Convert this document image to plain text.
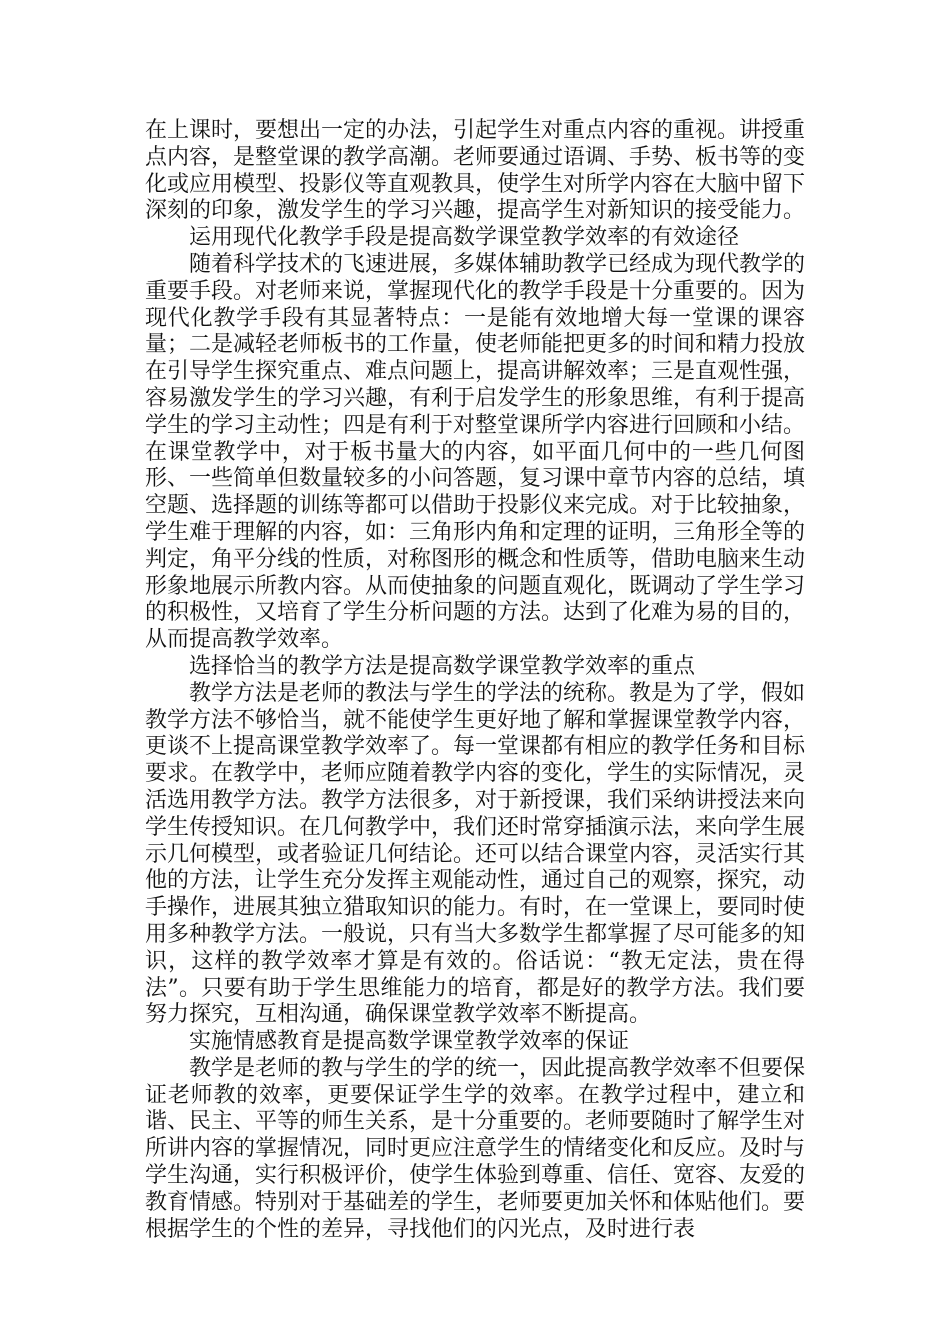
在上课时，要想出一定的办法，引起学生对重点内容的重视。讲授重点内容，是整堂课的教学高潮。老师要通过语调、手势、板书等的变化或应用模型、投影仪等直观教具，使学生对所学内容在大脑中留下深刻的印象，激发学生的学习兴趣，提高学生对新知识的接受能力。

运用现代化教学手段是提高数学课堂教学效率的有效途径

随着科学技术的飞速进展，多媒体辅助教学已经成为现代教学的重要手段。对老师来说，掌握现代化的教学手段是十分重要的。因为现代化教学手段有其显著特点：一是能有效地增大每一堂课的课容量；二是减轻老师板书的工作量，使老师能把更多的时间和精力投放在引导学生探究重点、难点问题上，提高讲解效率；三是直观性强，容易激发学生的学习兴趣，有利于启发学生的形象思维，有利于提高学生的学习主动性；四是有利于对整堂课所学内容进行回顾和小结。在课堂教学中，对于板书量大的内容，如平面几何中的一些几何图形、一些简单但数量较多的小问答题，复习课中章节内容的总结，填空题、选择题的训练等都可以借助于投影仪来完成。对于比较抽象，学生难于理解的内容，如：三角形内角和定理的证明，三角形全等的判定，角平分线的性质，对称图形的概念和性质等，借助电脑来生动形象地展示所教内容。从而使抽象的问题直观化，既调动了学生学习的积极性，又培育了学生分析问题的方法。达到了化难为易的目的，从而提高教学效率。

选择恰当的教学方法是提高数学课堂教学效率的重点

教学方法是老师的教法与学生的学法的统称。教是为了学，假如教学方法不够恰当，就不能使学生更好地了解和掌握课堂教学内容，更谈不上提高课堂教学效率了。每一堂课都有相应的教学任务和目标要求。在教学中，老师应随着教学内容的变化，学生的实际情况，灵活选用教学方法。教学方法很多，对于新授课，我们采纳讲授法来向学生传授知识。在几何教学中，我们还时常穿插演示法，来向学生展示几何模型，或者验证几何结论。还可以结合课堂内容，灵活实行其他的方法，让学生充分发挥主观能动性，通过自己的观察，探究，动手操作，进展其独立猎取知识的能力。有时，在一堂课上，要同时使用多种教学方法。一般说，只有当大多数学生都掌握了尽可能多的知识，这样的教学效率才算是有效的。俗话说：“教无定法，贵在得法”。只要有助于学生思维能力的培育，都是好的教学方法。我们要努力探究，互相沟通，确保课堂教学效率不断提高。

实施情感教育是提高数学课堂教学效率的保证

教学是老师的教与学生的学的统一，因此提高教学效率不但要保证老师教的效率，更要保证学生学的效率。在教学过程中，建立和谐、民主、平等的师生关系，是十分重要的。老师要随时了解学生对所讲内容的掌握情况，同时更应注意学生的情绪变化和反应。及时与学生沟通，实行积极评价，使学生体验到尊重、信任、宽容、友爱的教育情感。特别对于基础差的学生，老师要更加关怀和体贴他们。要根据学生的个性的差异，寻找他们的闪光点，及时进行表
